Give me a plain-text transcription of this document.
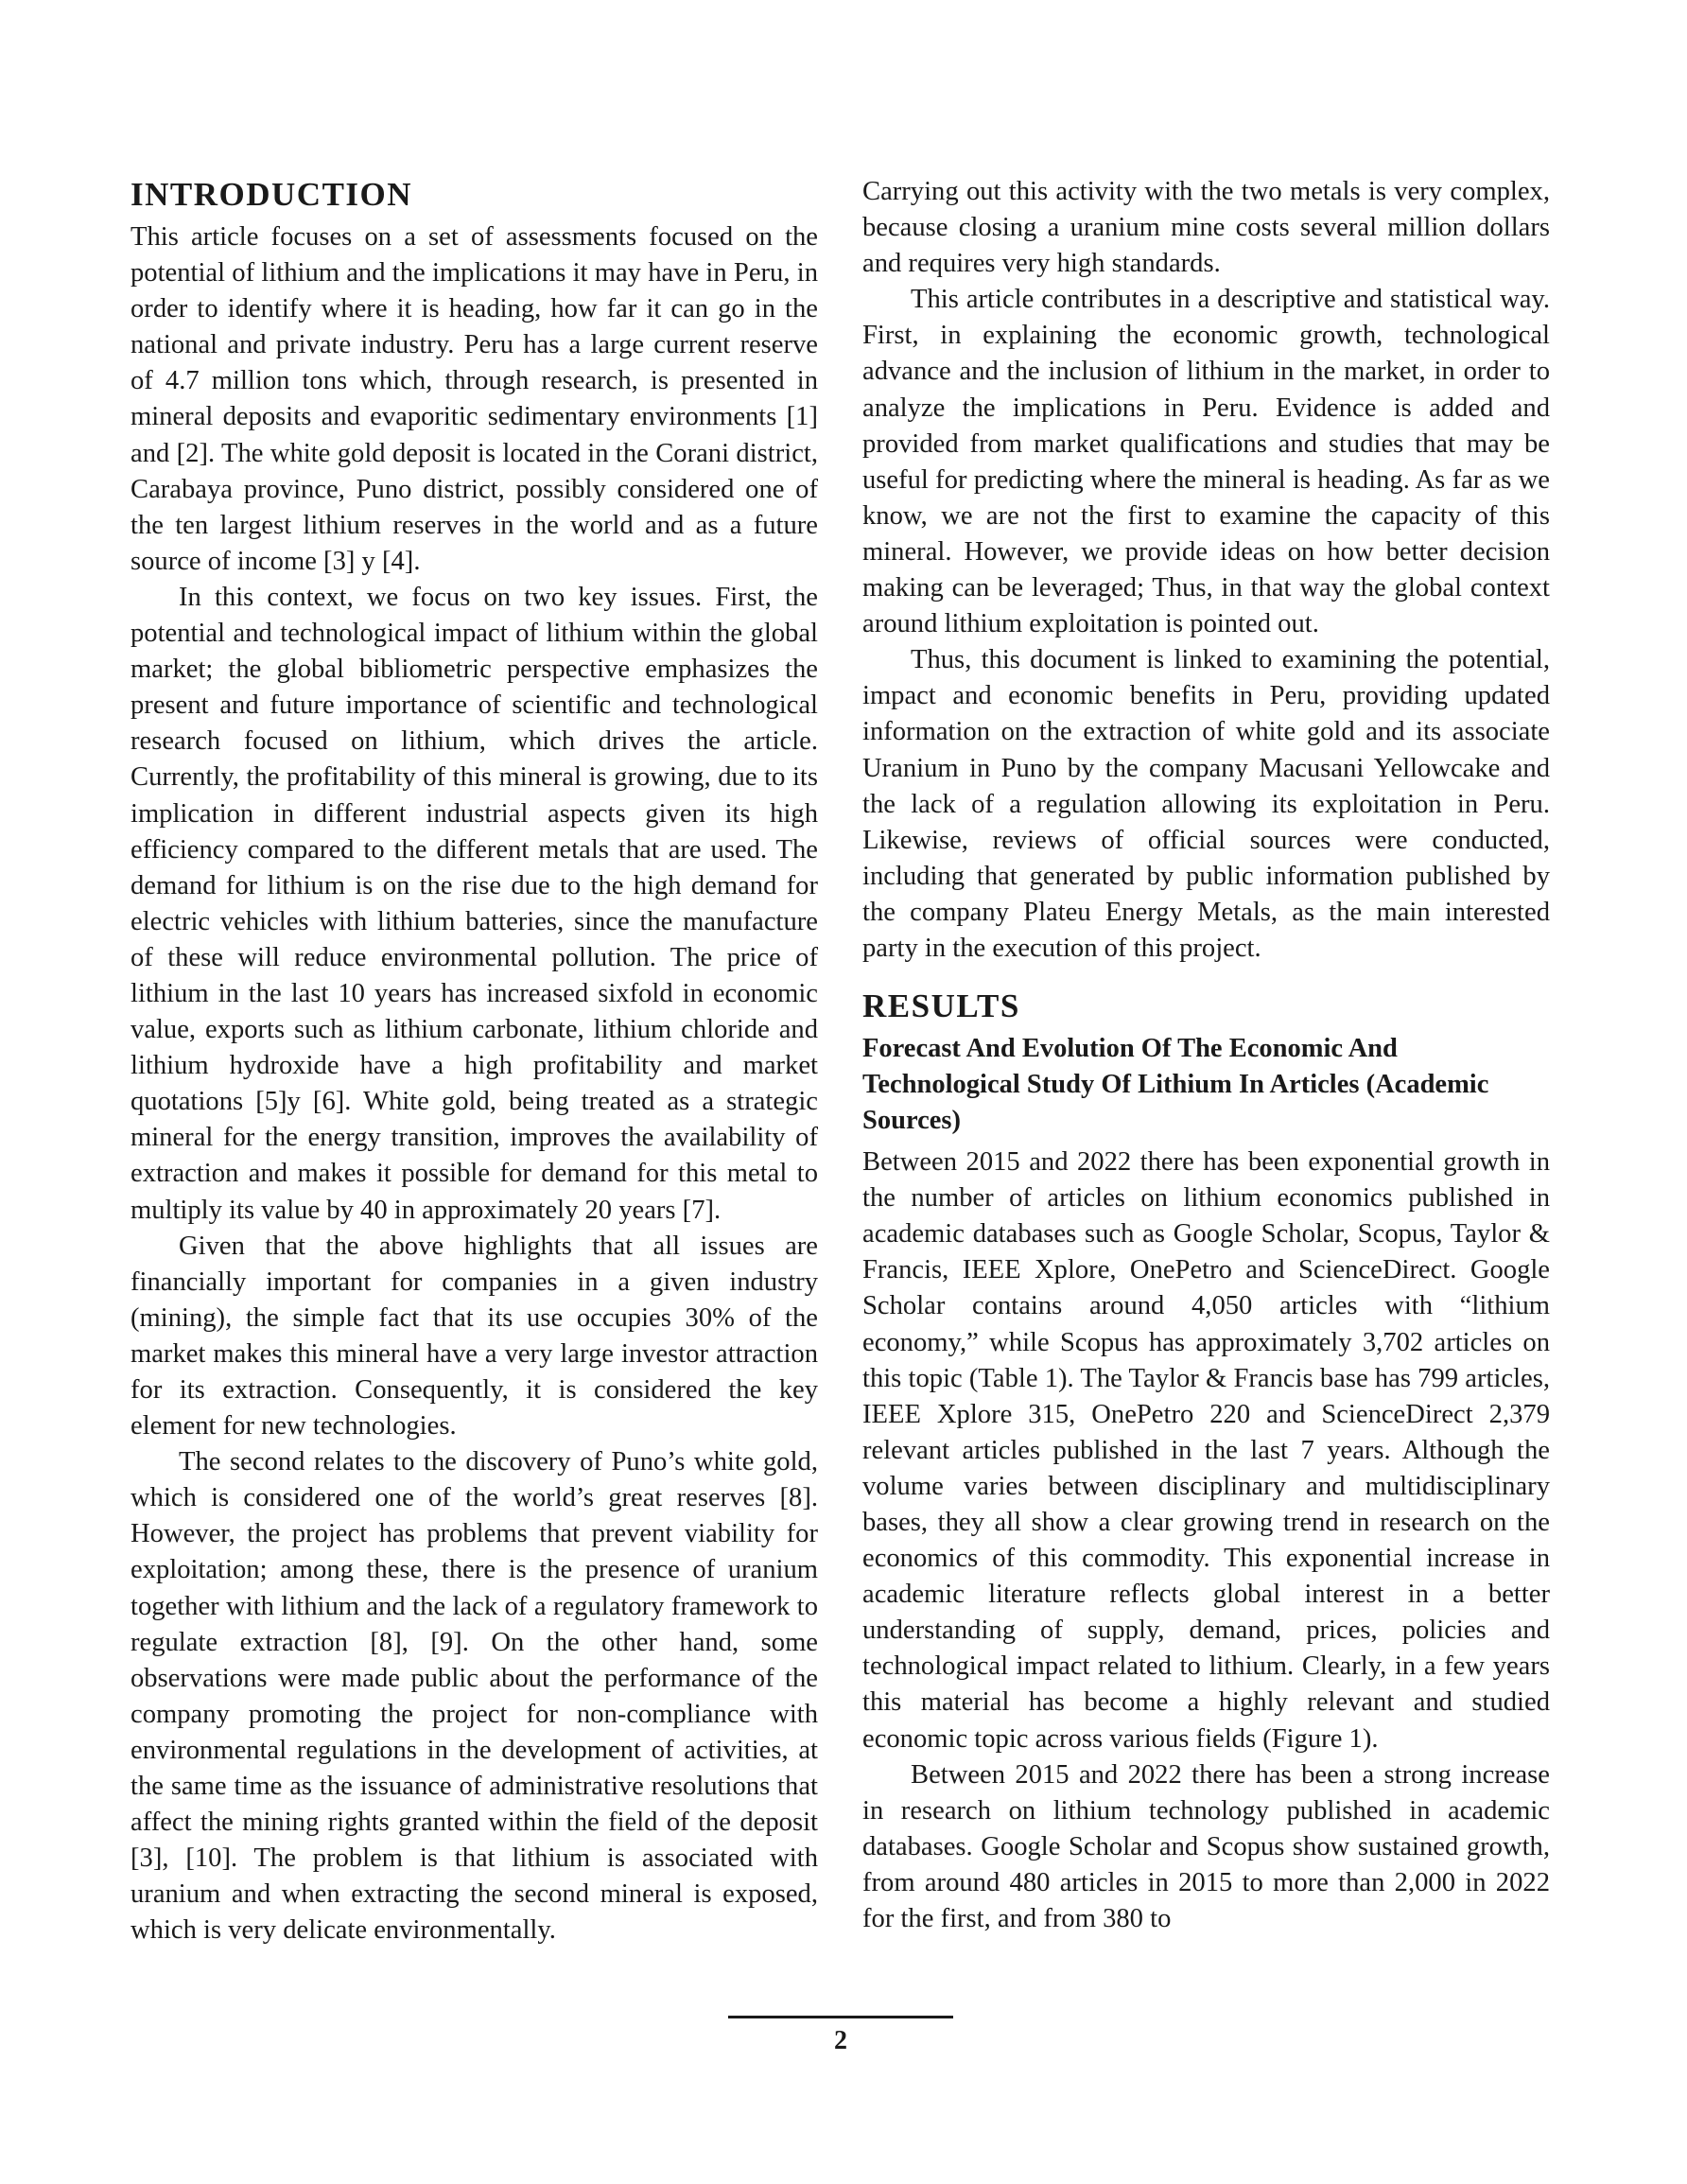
INTRODUCTION

This article focuses on a set of assessments focused on the potential of lithium and the implications it may have in Peru, in order to identify where it is heading, how far it can go in the national and private industry. Peru has a large current reserve of 4.7 million tons which, through research, is presented in mineral deposits and evaporitic sedimentary environments [1] and [2]. The white gold deposit is located in the Corani district, Carabaya province, Puno district, possibly considered one of the ten largest lithium reserves in the world and as a future source of income [3] y [4].

In this context, we focus on two key issues. First, the potential and technological impact of lithium within the global market; the global bibliometric perspective emphasizes the present and future importance of scientific and technological research focused on lithium, which drives the article. Currently, the profitability of this mineral is growing, due to its implication in different industrial aspects given its high efficiency compared to the different metals that are used. The demand for lithium is on the rise due to the high demand for electric vehicles with lithium batteries, since the manufacture of these will reduce environmental pollution. The price of lithium in the last 10 years has increased sixfold in economic value, exports such as lithium carbonate, lithium chloride and lithium hydroxide have a high profitability and market quotations [5]y [6]. White gold, being treated as a strategic mineral for the energy transition, improves the availability of extraction and makes it possible for demand for this metal to multiply its value by 40 in approximately 20 years [7].

Given that the above highlights that all issues are financially important for companies in a given industry (mining), the simple fact that its use occupies 30% of the market makes this mineral have a very large investor attraction for its extraction. Consequently, it is considered the key element for new technologies.

The second relates to the discovery of Puno’s white gold, which is considered one of the world’s great reserves [8]. However, the project has problems that prevent viability for exploitation; among these, there is the presence of uranium together with lithium and the lack of a regulatory framework to regulate extraction [8], [9]. On the other hand, some observations were made public about the performance of the company promoting the project for non-compliance with environmental regulations in the development of activities, at the same time as the issuance of administrative resolutions that affect the mining rights granted within the field of the deposit [3], [10]. The problem is that lithium is associated with uranium and when extracting the second mineral is exposed, which is very delicate environmentally.

Carrying out this activity with the two metals is very complex, because closing a uranium mine costs several million dollars and requires very high standards.

This article contributes in a descriptive and statistical way. First, in explaining the economic growth, technological advance and the inclusion of lithium in the market, in order to analyze the implications in Peru. Evidence is added and provided from market qualifications and studies that may be useful for predicting where the mineral is heading. As far as we know, we are not the first to examine the capacity of this mineral. However, we provide ideas on how better decision making can be leveraged; Thus, in that way the global context around lithium exploitation is pointed out.

Thus, this document is linked to examining the potential, impact and economic benefits in Peru, providing updated information on the extraction of white gold and its associate Uranium in Puno by the company Macusani Yellowcake and the lack of a regulation allowing its exploitation in Peru. Likewise, reviews of official sources were conducted, including that generated by public information published by the company Plateu Energy Metals, as the main interested party in the execution of this project.

RESULTS
Forecast And Evolution Of The Economic And Technological Study Of Lithium In Articles (Academic Sources)

Between 2015 and 2022 there has been exponential growth in the number of articles on lithium economics published in academic databases such as Google Scholar, Scopus, Taylor & Francis, IEEE Xplore, OnePetro and ScienceDirect. Google Scholar contains around 4,050 articles with “lithium economy,” while Scopus has approximately 3,702 articles on this topic (Table 1). The Taylor & Francis base has 799 articles, IEEE Xplore 315, OnePetro 220 and ScienceDirect 2,379 relevant articles published in the last 7 years. Although the volume varies between disciplinary and multidisciplinary bases, they all show a clear growing trend in research on the economics of this commodity. This exponential increase in academic literature reflects global interest in a better understanding of supply, demand, prices, policies and technological impact related to lithium. Clearly, in a few years this material has become a highly relevant and studied economic topic across various fields (Figure 1).

Between 2015 and 2022 there has been a strong increase in research on lithium technology published in academic databases. Google Scholar and Scopus show sustained growth, from around 480 articles in 2015 to more than 2,000 in 2022 for the first, and from 380 to

2
